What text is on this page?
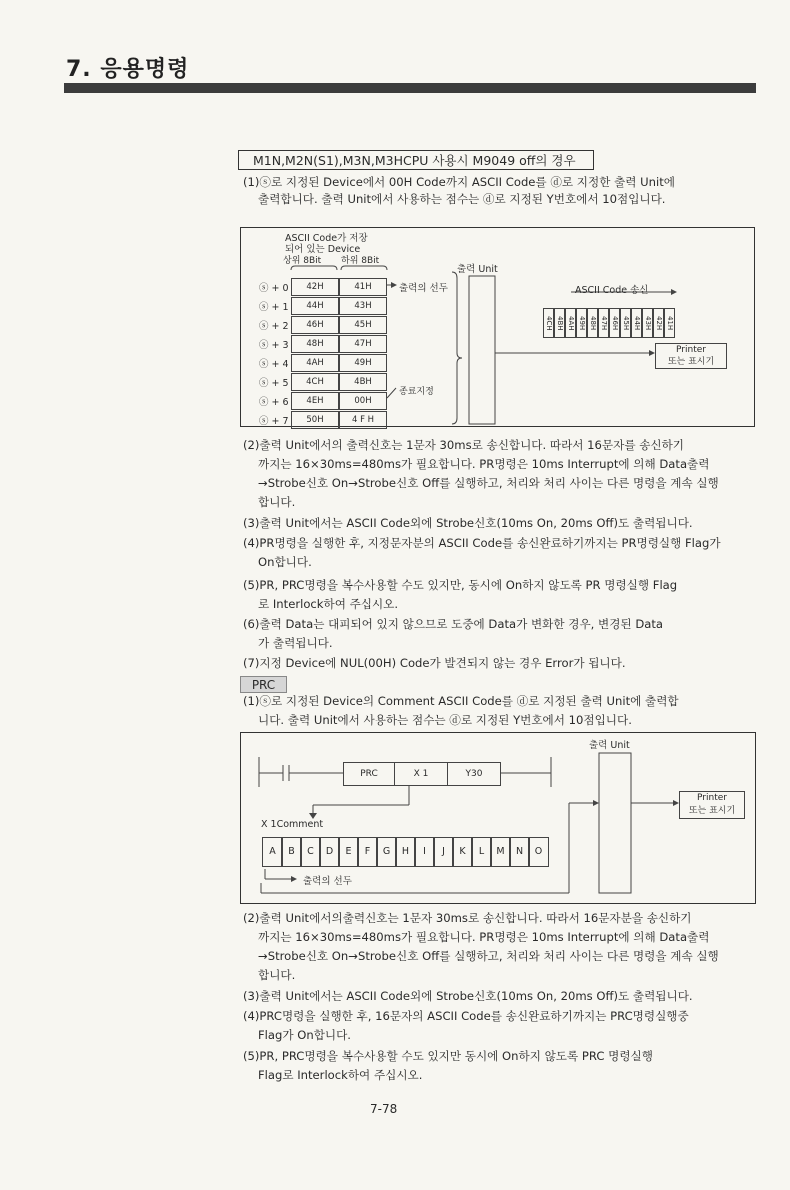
7. 응용명령
M1N,M2N(S1),M3N,M3HCPU 사용시 M9049 off의 경우
(1)ⓢ로 지정된 Device에서 00H Code까지 ASCII Code를 ⓓ로 지정한 출력 Unit에
출력합니다. 출력 Unit에서 사용하는 점수는 ⓓ로 지정된 Y번호에서 10점입니다.
ASCII Code가 저장
되어 있는 Device
상위 8Bit 하위 8Bit
출력의 선두
종료지정
출력 Unit
ASCII Code 송신
Printer
또는 표시기
ⓢ + 0	42H	41H
ⓢ + 1	44H	43H
ⓢ + 2	46H	45H
ⓢ + 3	48H	47H
ⓢ + 4	4AH	49H
ⓢ + 5	4CH	4BH
ⓢ + 6	4EH	00H
ⓢ + 7	50H	4 F H
4CH 4BH 4AH 49H 48H 47H 46H 45H 44H 43H 42H 41H
(2)출력 Unit에서의 출력신호는 1문자 30ms로 송신합니다. 따라서 16문자를 송신하기
까지는 16×30ms=480ms가 필요합니다. PR명령은 10ms Interrupt에 의해 Data출력
→Strobe신호 On→Strobe신호 Off를 실행하고, 처리와 처리 사이는 다른 명령을 계속 실행
합니다.
(3)출력 Unit에서는 ASCII Code외에 Strobe신호(10ms On, 20ms Off)도 출력됩니다.
(4)PR명령을 실행한 후, 지정문자분의 ASCII Code를 송신완료하기까지는 PR명령실행 Flag가
On합니다.
(5)PR, PRC명령을 복수사용할 수도 있지만, 동시에 On하지 않도록 PR 명령실행 Flag
로 Interlock하여 주십시오.
(6)출력 Data는 대피되어 있지 않으므로 도중에 Data가 변화한 경우, 변경된 Data
가 출력됩니다.
(7)지정 Device에 NUL(00H) Code가 발견되지 않는 경우 Error가 됩니다.
PRC
(1)ⓢ로 지정된 Device의 Comment ASCII Code를 ⓓ로 지정된 출력 Unit에 출력합
니다. 출력 Unit에서 사용하는 점수는 ⓓ로 지정된 Y번호에서 10점입니다.
출력 Unit
PRC	X 1	Y30
X 1Comment
출력의 선두
Printer
또는 표시기
A	B	C	D	E	F	G	H	I	J	K	L	M	N	O
(2)출력 Unit에서의출력신호는 1문자 30ms로 송신합니다. 따라서 16문자분을 송신하기
까지는 16×30ms=480ms가 필요합니다. PR명령은 10ms Interrupt에 의해 Data출력
→Strobe신호 On→Strobe신호 Off를 실행하고, 처리와 처리 사이는 다른 명령을 계속 실행
합니다.
(3)출력 Unit에서는 ASCII Code외에 Strobe신호(10ms On, 20ms Off)도 출력됩니다.
(4)PRC명령을 실행한 후, 16문자의 ASCII Code를 송신완료하기까지는 PRC명령실행중
Flag가 On합니다.
(5)PR, PRC명령을 복수사용할 수도 있지만 동시에 On하지 않도록 PRC 명령실행
Flag로 Interlock하여 주십시오.
7-78
